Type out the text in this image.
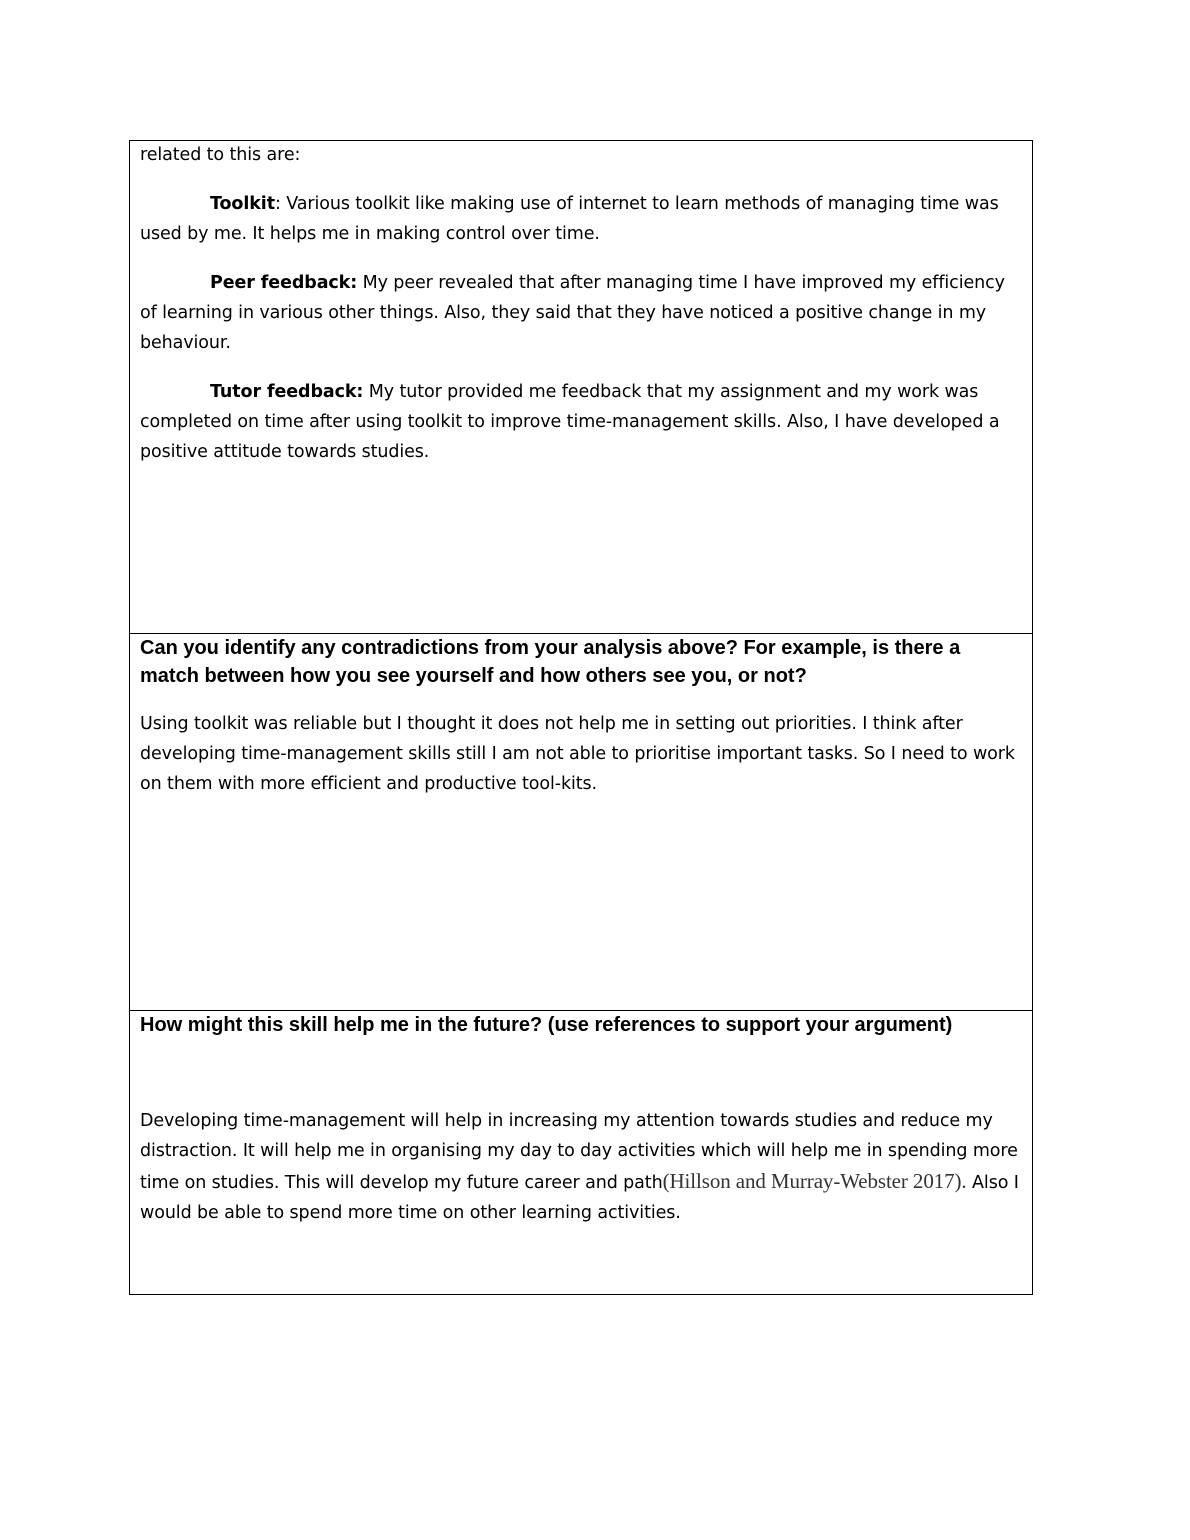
related to this are:

Toolkit: Various toolkit like making use of internet to learn methods of managing time was used by me. It helps me in making control over time.

Peer feedback: My peer revealed that after managing time I have improved my efficiency of learning in various other things. Also, they said that they have noticed a positive change in my behaviour.

Tutor feedback: My tutor provided me feedback that my assignment and my work was completed on time after using toolkit to improve time-management skills. Also, I have developed a positive attitude towards studies.

Can you identify any contradictions from your analysis above? For example, is there a match between how you see yourself and how others see you, or not?

Using toolkit was reliable but I thought it does not help me in setting out priorities. I think after developing time-management skills still I am not able to prioritise important tasks. So I need to work on them with more efficient and productive tool-kits.

How might this skill help me in the future? (use references to support your argument)

Developing time-management will help in increasing my attention towards studies and reduce my distraction. It will help me in organising my day to day activities which will help me in spending more time on studies. This will develop my future career and path(Hillson and Murray-Webster 2017). Also I would be able to spend more time on other learning activities.
